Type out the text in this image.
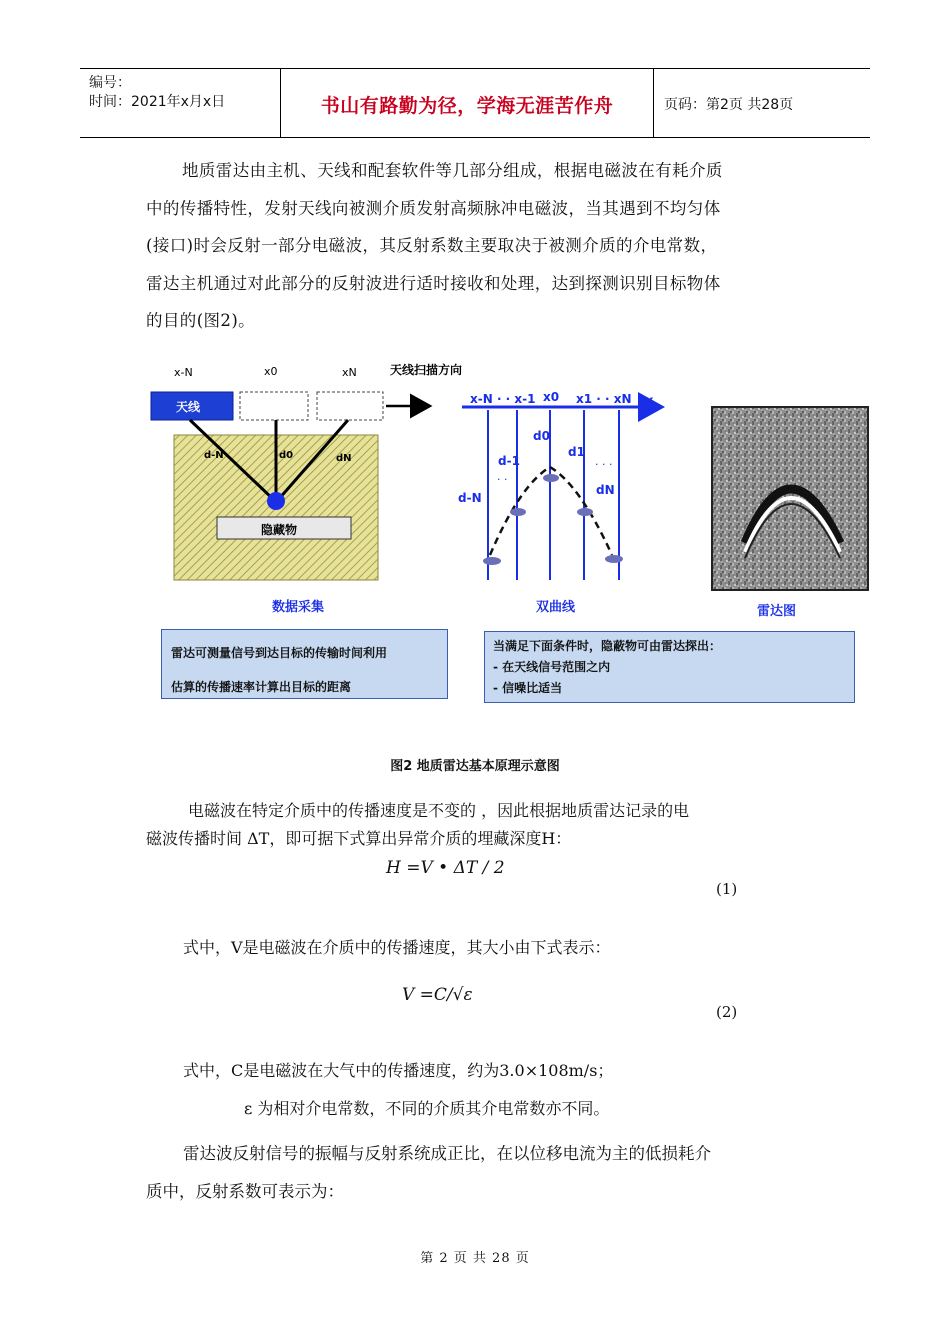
编号：
时间：2021年x月x日	书山有路勤为径，学海无涯苦作舟	页码：第2页 共28页

地质雷达由主机、天线和配套软件等几部分组成，根据电磁波在有耗介质

中的传播特性，发射天线向被测介质发射高频脉冲电磁波，当其遇到不均匀体

(接口)时会反射一部分电磁波，其反射系数主要取决于被测介质的介电常数，

雷达主机通过对此部分的反射波进行适时接收和处理，达到探测识别目标物体

的目的(图2)。

x-N	x0	xN	天线扫描方向
天线
d-N	d0	dN
隐藏物
数据采集
x-N · · x-1 x0 x1 · · xN x
d0
d-1
d1
d-N
dN
· · ·
· ·
双曲线	雷达图
雷达可测量信号到达目标的传输时间利用
估算的传播速率计算出目标的距离
当满足下面条件时，隐蔽物可由雷达探出：
- 在天线信号范围之内
- 信噪比适当
图2 地质雷达基本原理示意图
电磁波在特定介质中的传播速度是不变的 ，因此根据地质雷达记录的电
磁波传播时间 ΔT，即可据下式算出异常介质的埋藏深度H：
H =V • ΔT / 2
(1)
式中，V是电磁波在介质中的传播速度，其大小由下式表示：
V =C/√ε
(2)
式中，C是电磁波在大气中的传播速度，约为3.0×108m/s；
ε 为相对介电常数，不同的介质其介电常数亦不同。
雷达波反射信号的振幅与反射系统成正比，在以位移电流为主的低损耗介
质中，反射系数可表示为：
第 2 页 共 28 页
